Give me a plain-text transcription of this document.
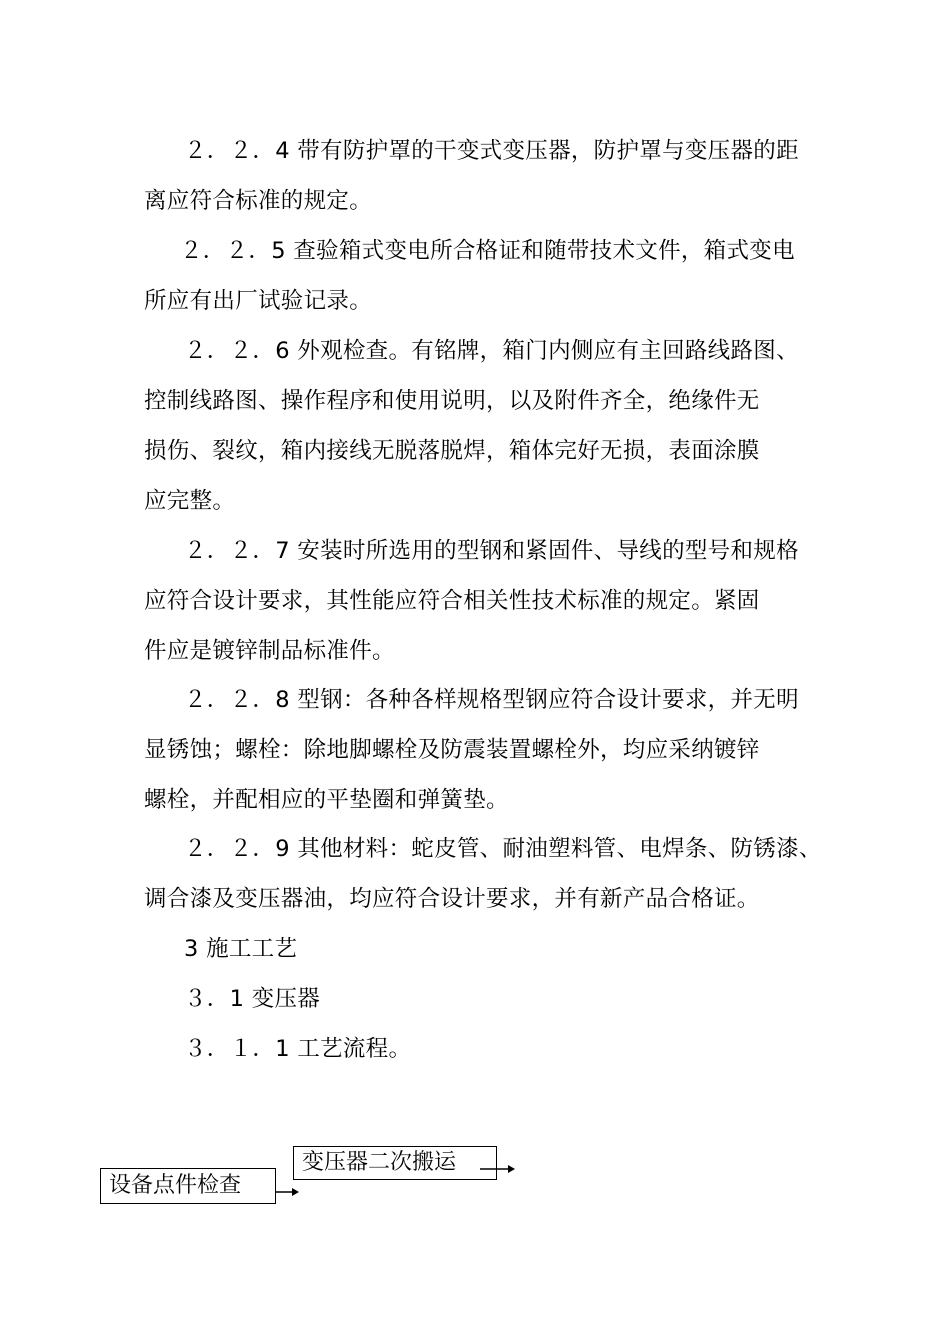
２．２．4 带有防护罩的干变式变压器，防护罩与变压器的距
离应符合标准的规定。
２．２．5 查验箱式变电所合格证和随带技术文件，箱式变电
所应有出厂试验记录。
２．２．6 外观检查。有铭牌，箱门内侧应有主回路线路图、
控制线路图、操作程序和使用说明，以及附件齐全，绝缘件无
损伤、裂纹，箱内接线无脱落脱焊，箱体完好无损，表面涂膜
应完整。
２．２．7 安装时所选用的型钢和紧固件、导线的型号和规格
应符合设计要求，其性能应符合相关性技术标准的规定。紧固
件应是镀锌制品标准件。
２．２．8 型钢：各种各样规格型钢应符合设计要求，并无明
显锈蚀；螺栓：除地脚螺栓及防震装置螺栓外，均应采纳镀锌
螺栓，并配相应的平垫圈和弹簧垫。
２．２．9 其他材料：蛇皮管、耐油塑料管、电焊条、防锈漆、
调合漆及变压器油，均应符合设计要求，并有新产品合格证。
3 施工工艺
３．1 变压器
３．１．1 工艺流程。
设备点件检查
变压器二次搬运
